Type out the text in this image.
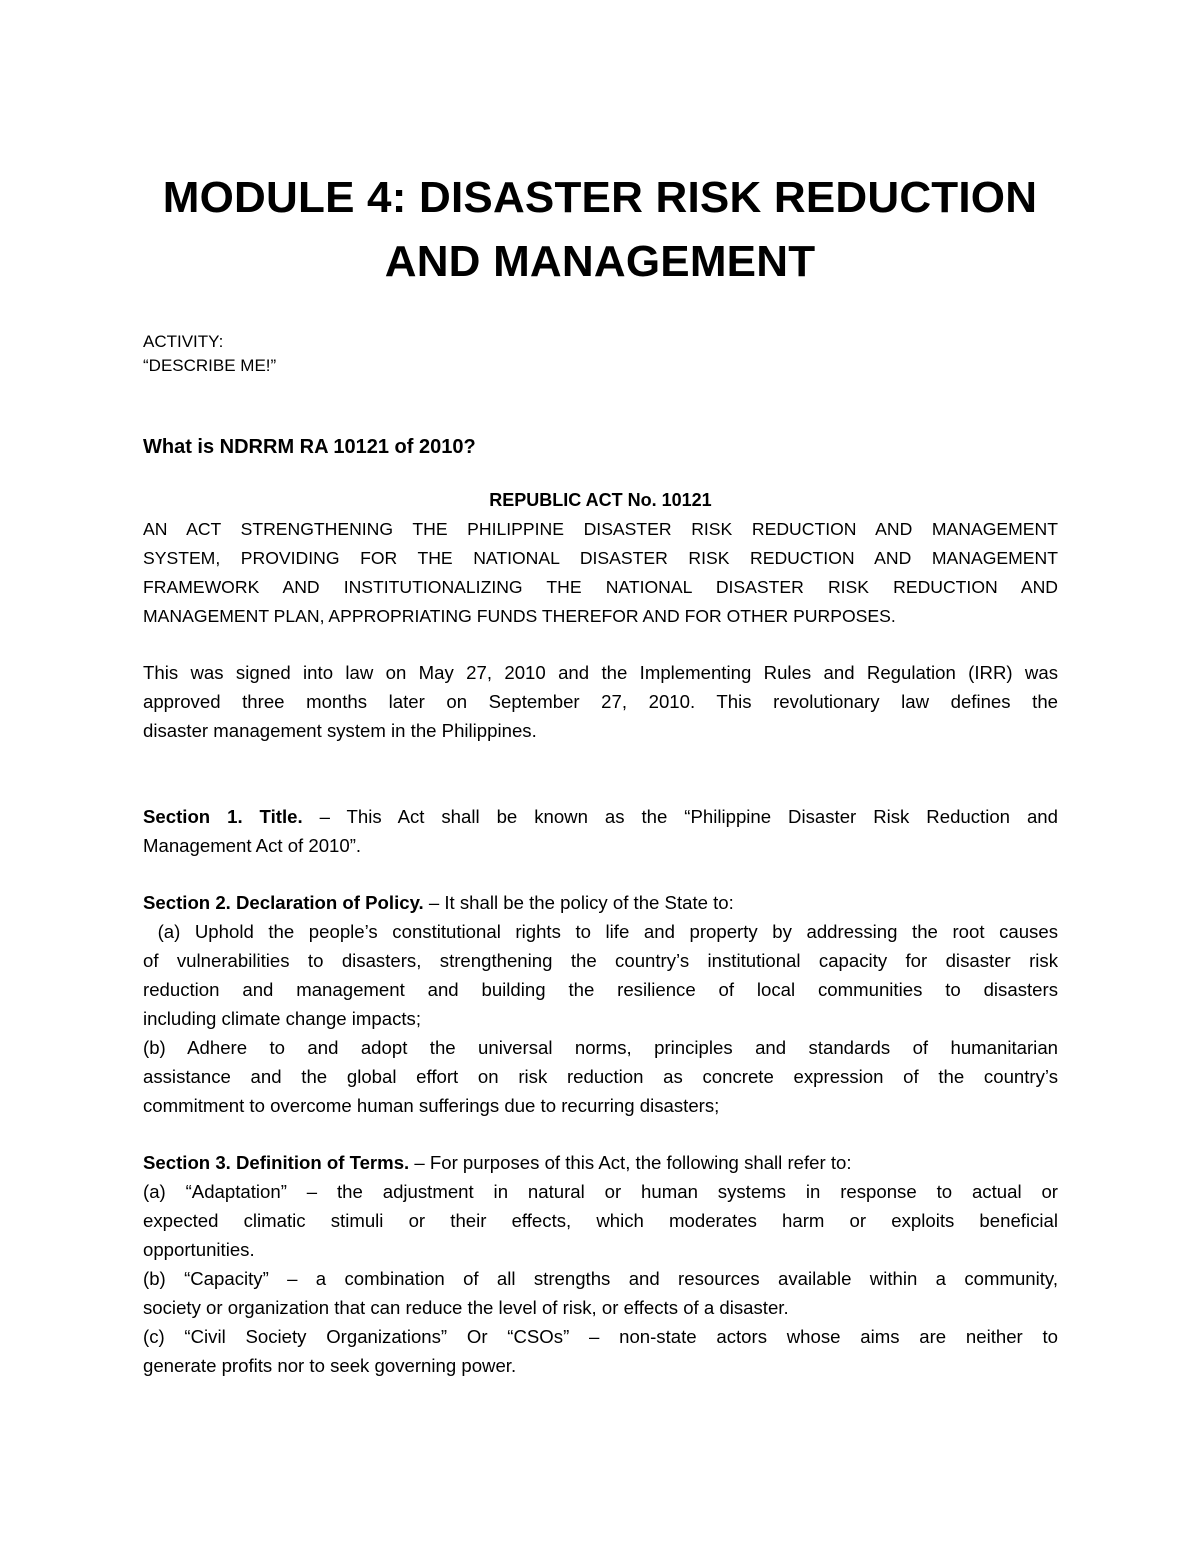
MODULE 4: DISASTER RISK REDUCTION
AND MANAGEMENT
ACTIVITY:
“DESCRIBE ME!”
What is NDRRM RA 10121 of 2010?
REPUBLIC ACT No. 10121
AN ACT STRENGTHENING THE PHILIPPINE DISASTER RISK REDUCTION AND MANAGEMENT
SYSTEM, PROVIDING FOR THE NATIONAL DISASTER RISK REDUCTION AND MANAGEMENT
FRAMEWORK AND INSTITUTIONALIZING THE NATIONAL DISASTER RISK REDUCTION AND
MANAGEMENT PLAN, APPROPRIATING FUNDS THEREFOR AND FOR OTHER PURPOSES.
This was signed into law on May 27, 2010 and the Implementing Rules and Regulation (IRR) was
approved three months later on September 27, 2010. This revolutionary law defines the
disaster management system in the Philippines.
Section 1. Title. – This Act shall be known as the “Philippine Disaster Risk Reduction and
Management Act of 2010”.
Section 2. Declaration of Policy. – It shall be the policy of the State to:
(a) Uphold the people’s constitutional rights to life and property by addressing the root causes
of vulnerabilities to disasters, strengthening the country’s institutional capacity for disaster risk
reduction and management and building the resilience of local communities to disasters
including climate change impacts;
(b) Adhere to and adopt the universal norms, principles and standards of humanitarian
assistance and the global effort on risk reduction as concrete expression of the country’s
commitment to overcome human sufferings due to recurring disasters;
Section 3. Definition of Terms. – For purposes of this Act, the following shall refer to:
(a) “Adaptation” – the adjustment in natural or human systems in response to actual or
expected climatic stimuli or their effects, which moderates harm or exploits beneficial
opportunities.
(b) “Capacity” – a combination of all strengths and resources available within a community,
society or organization that can reduce the level of risk, or effects of a disaster.
(c) “Civil Society Organizations” Or “CSOs” – non-state actors whose aims are neither to
generate profits nor to seek governing power.
